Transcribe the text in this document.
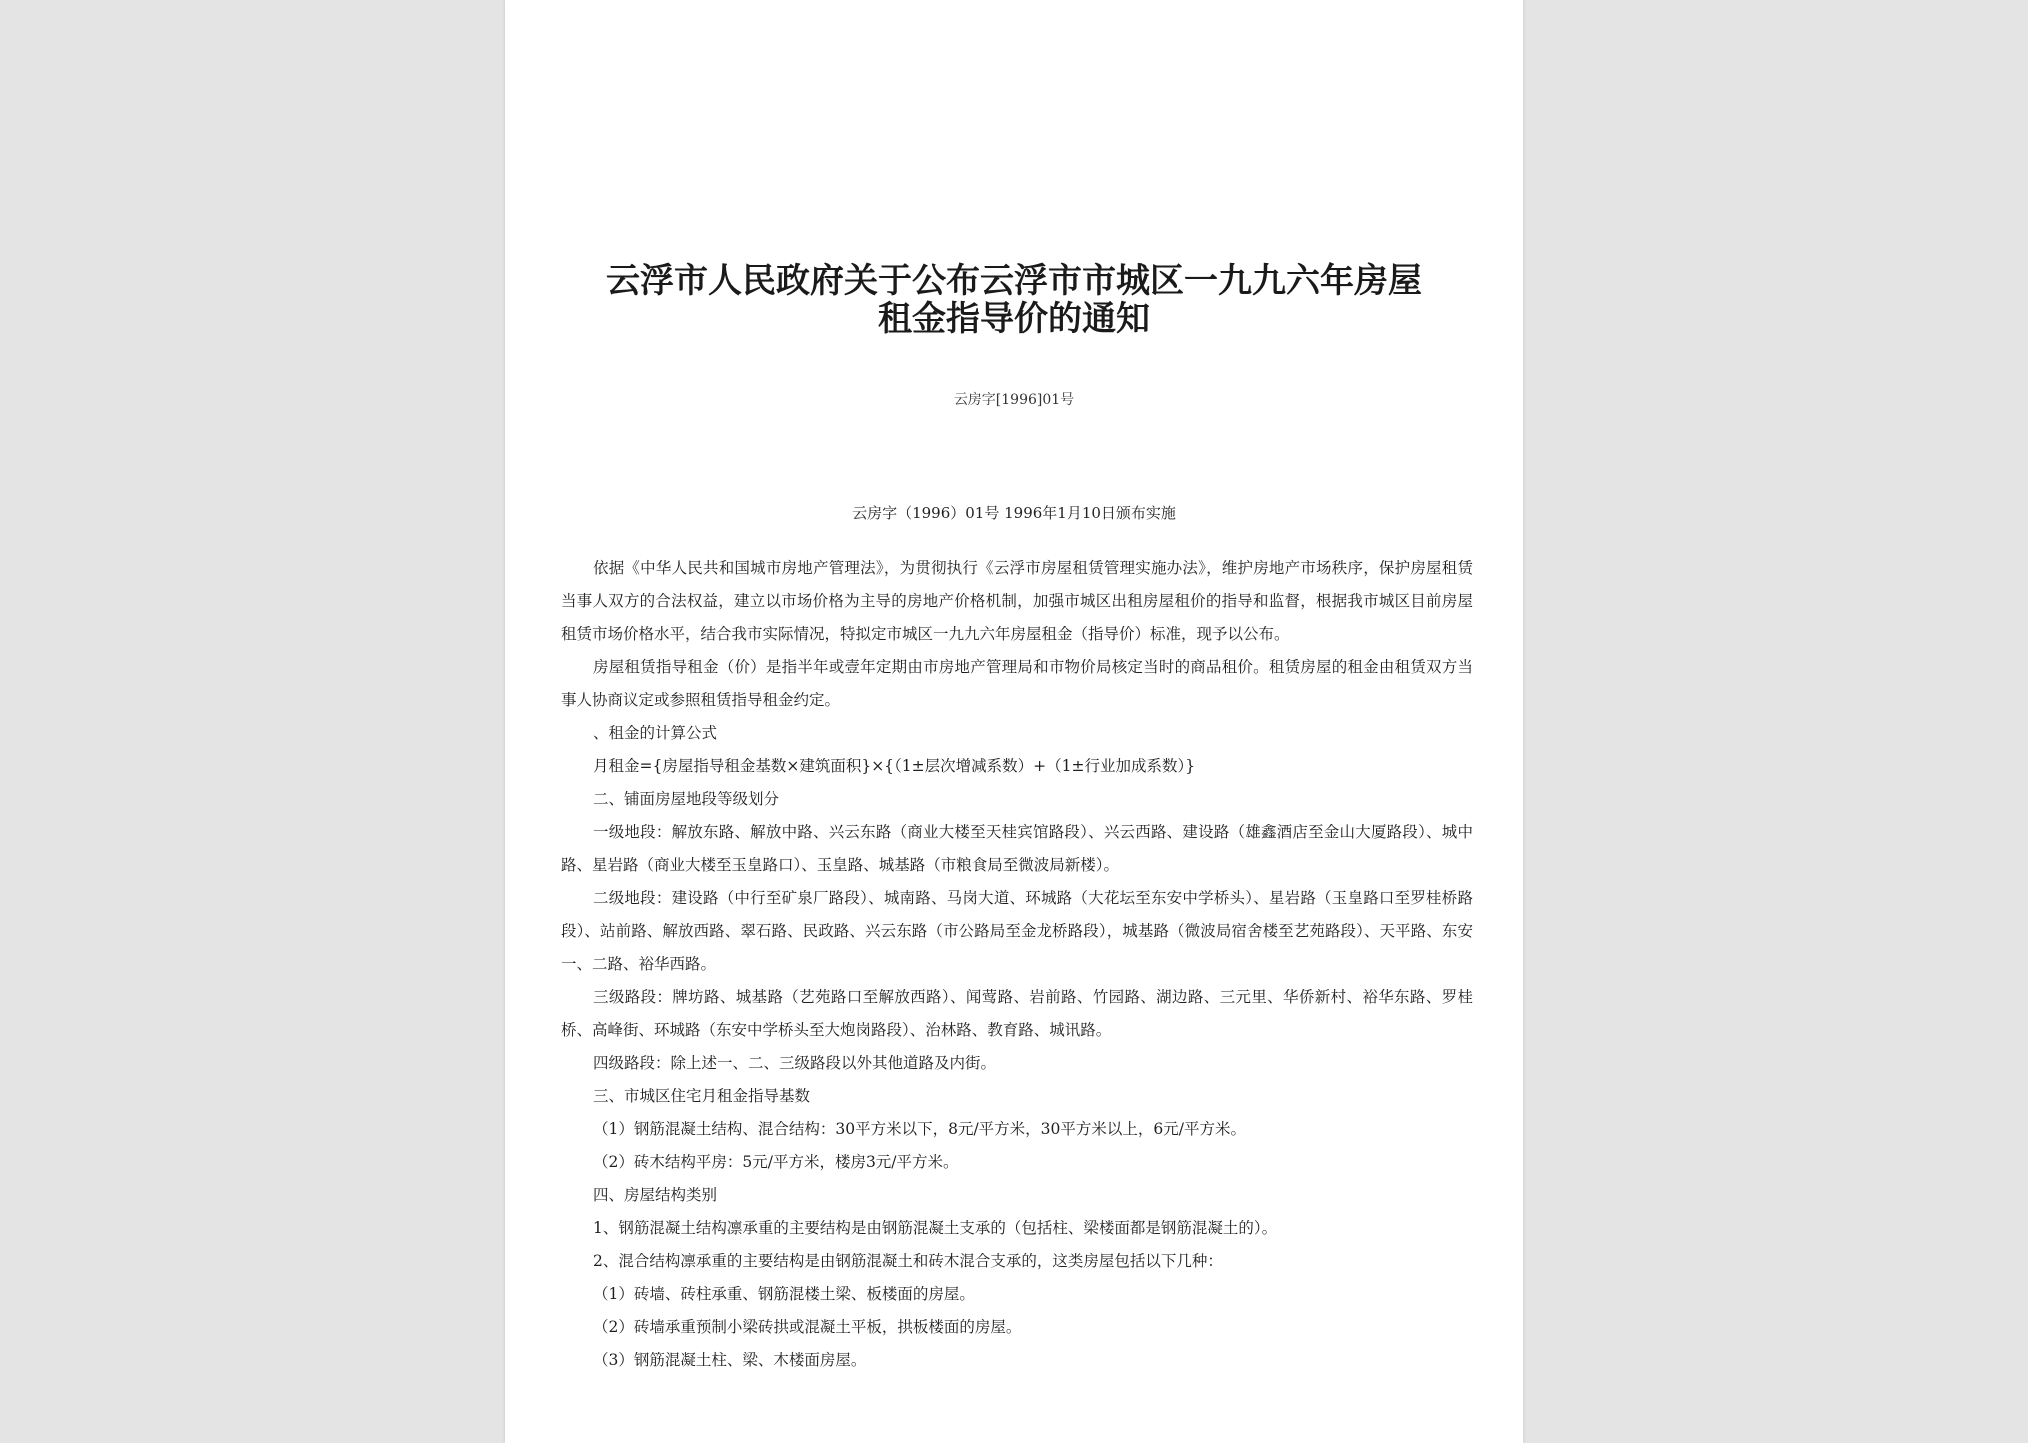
云浮市人民政府关于公布云浮市市城区一九九六年房屋租金指导价的通知
云房字[1996]01号
云房字（1996）01号 1996年1月10日颁布实施

依据《中华人民共和国城市房地产管理法》，为贯彻执行《云浮市房屋租赁管理实施办法》，维护房地产市场秩序，保护房屋租赁当事人双方的合法权益，建立以市场价格为主导的房地产价格机制，加强市城区出租房屋租价的指导和监督，根据我市城区目前房屋租赁市场价格水平，结合我市实际情况，特拟定市城区一九九六年房屋租金（指导价）标准，现予以公布。

房屋租赁指导租金（价）是指半年或壹年定期由市房地产管理局和市物价局核定当时的商品租价。租赁房屋的租金由租赁双方当事人协商议定或参照租赁指导租金约定。

、租金的计算公式

月租金={房屋指导租金基数×建筑面积}×{（1±层次增减系数）+（1±行业加成系数）}

二、铺面房屋地段等级划分

一级地段：解放东路、解放中路、兴云东路（商业大楼至天桂宾馆路段）、兴云西路、建设路（雄鑫酒店至金山大厦路段）、城中路、星岩路（商业大楼至玉皇路口）、玉皇路、城基路（市粮食局至微波局新楼）。

二级地段：建设路（中行至矿泉厂路段）、城南路、马岗大道、环城路（大花坛至东安中学桥头）、星岩路（玉皇路口至罗桂桥路段）、站前路、解放西路、翠石路、民政路、兴云东路（市公路局至金龙桥路段），城基路（微波局宿舍楼至艺苑路段）、天平路、东安一、二路、裕华西路。

三级路段：牌坊路、城基路（艺苑路口至解放西路）、闻莺路、岩前路、竹园路、湖边路、三元里、华侨新村、裕华东路、罗桂桥、高峰街、环城路（东安中学桥头至大炮岗路段）、治林路、教育路、城讯路。

四级路段：除上述一、二、三级路段以外其他道路及内街。

三、市城区住宅月租金指导基数

（1）钢筋混凝土结构、混合结构：30平方米以下，8元/平方米，30平方米以上，6元/平方米。

（2）砖木结构平房：5元/平方米，楼房3元/平方米。

四、房屋结构类别

1、钢筋混凝土结构凛承重的主要结构是由钢筋混凝土支承的（包括柱、梁楼面都是钢筋混凝土的）。

2、混合结构凛承重的主要结构是由钢筋混凝土和砖木混合支承的，这类房屋包括以下几种：

（1）砖墙、砖柱承重、钢筋混楼土梁、板楼面的房屋。

（2）砖墙承重预制小梁砖拱或混凝土平板，拱板楼面的房屋。

（3）钢筋混凝土柱、梁、木楼面房屋。
